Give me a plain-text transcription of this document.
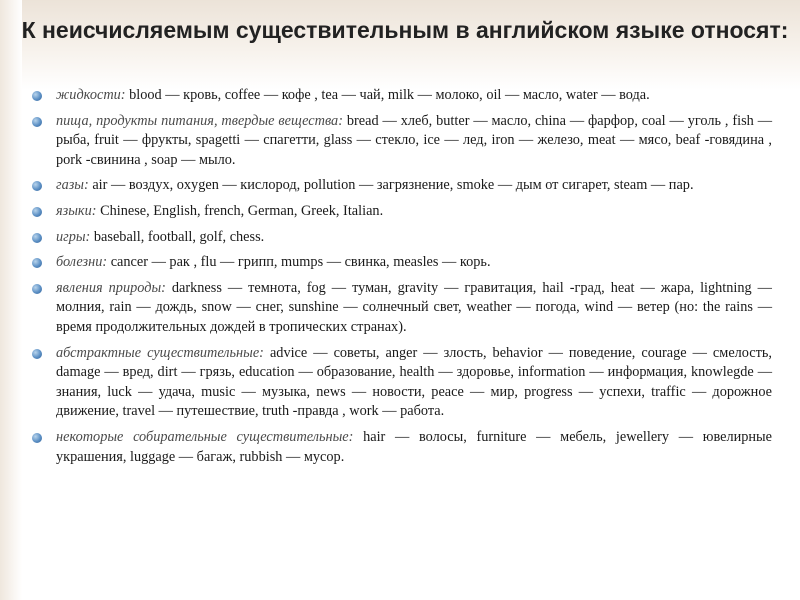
К неисчисляемым существительным в английском языке относят:
жидкости: blood — кровь, coffee — кофе , tea — чай, milk — молоко, oil — масло, water — вода.
пища, продукты питания, твердые вещества: bread — хлеб, butter — масло, china — фарфор, coal — уголь , fish — рыба, fruit — фрукты, spagetti — спагетти, glass — стекло, ice — лед, iron — железо, meat — мясо, beaf -говядина , pork -свинина , soap — мыло.
газы: air — воздух, oxygen — кислород, pollution — загрязнение, smoke — дым от сигарет, steam — пар.
языки: Chinese, English, french, German, Greek, Italian.
игры: baseball, football, golf, chess.
болезни: cancer — рак , flu — грипп, mumps — свинка, measles — корь.
явления природы: darkness — темнота, fog — туман, gravity — гравитация, hail -град, heat — жара, lightning — молния, rain — дождь, snow — снег, sunshine — солнечный свет, weather — погода, wind — ветер (но: the rains — время продолжительных дождей в тропических странах).
абстрактные существительные: advice — советы, anger — злость, behavior — поведение, courage — смелость, damage — вред, dirt — грязь, education — образование, health — здоровье, information — информация, knowlegde — знания, luck — удача, music — музыка, news — новости, peace — мир, progress — успехи, traffic — дорожное движение, travel — путешествие, truth -правда , work — работа.
некоторые собирательные существительные: hair — волосы, furniture — мебель, jewellery — ювелирные украшения, luggage — багаж, rubbish — мусор.
